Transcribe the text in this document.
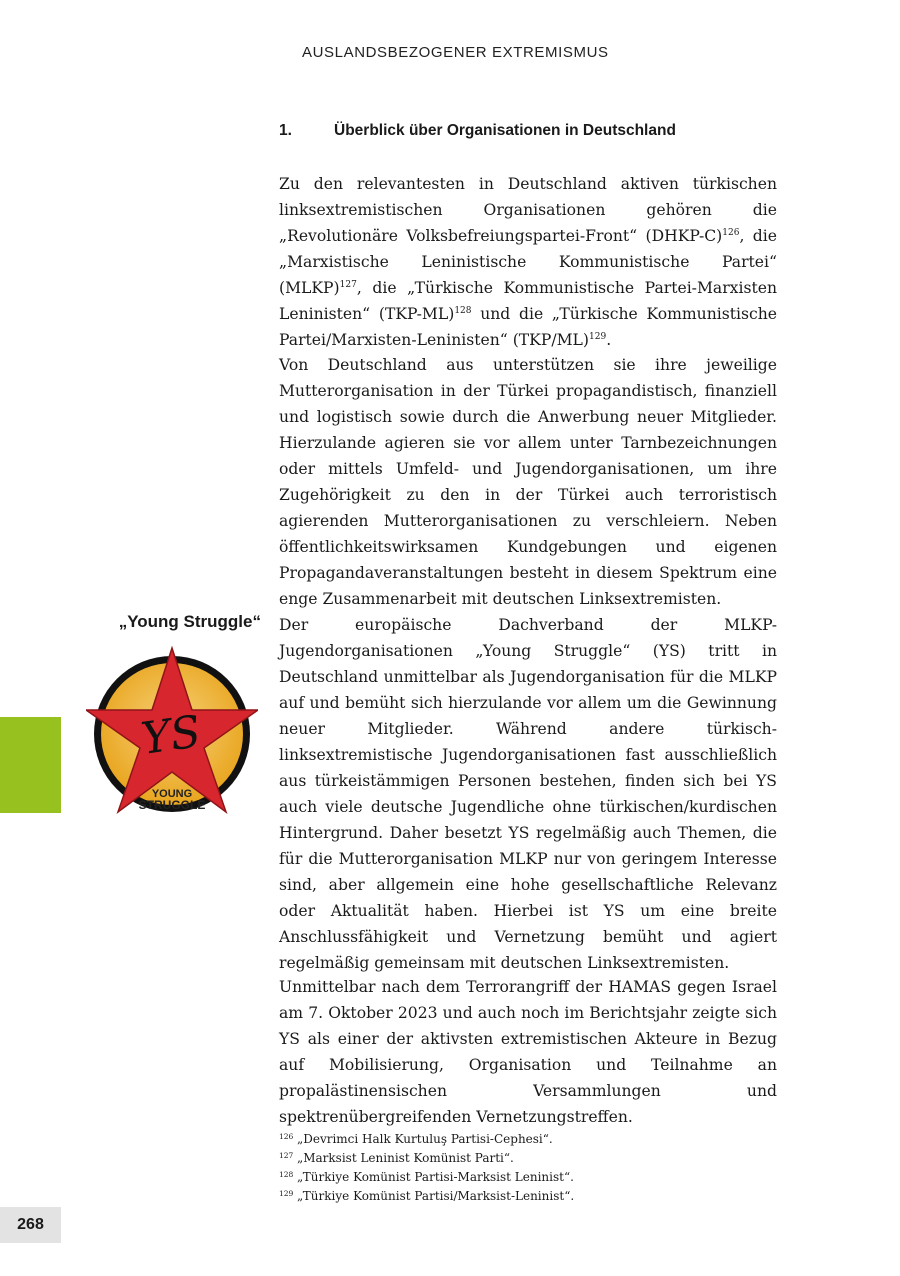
AUSLANDSBEZOGENER EXTREMISMUS
1.	Überblick über Organisationen in Deutschland

Zu den relevantesten in Deutschland aktiven türkischen linksextremistischen Organisationen gehören die „Revolutionäre Volksbefreiungspartei-Front“ (DHKP-C)$^{126}$, die „Marxistische Leninistische Kommunistische Partei“ (MLKP)$^{127}$, die „Türkische Kommunistische Partei-Marxisten Leninisten“ $(TKP-ML)^{128}$ und die „Türkische Kommunistische Partei/Marxisten-Leninisten“ $(TKP/ML)^{129}$.

Von Deutschland aus unterstützen sie ihre jeweilige Mutterorganisation in der Türkei propagandistisch, finanziell und logistisch sowie durch die Anwerbung neuer Mitglieder. Hierzulande agieren sie vor allem unter Tarnbezeichnungen oder mittels Umfeld- und Jugendorganisationen, um ihre Zugehörigkeit zu den in der Türkei auch terroristisch agierenden Mutterorganisationen zu verschleiern. Neben öffentlichkeitswirksamen Kundgebungen und eigenen Propagandaveranstaltungen besteht in diesem Spektrum eine enge Zusammenarbeit mit deutschen Linksextremisten.

„Young Struggle“
YS
YOUNG
STRUGGLE

Der europäische Dachverband der MLKP-Jugendorganisationen „Young Struggle“ (YS) tritt in Deutschland unmittelbar als Jugendorganisation für die MLKP auf und bemüht sich hierzulande vor allem um die Gewinnung neuer Mitglieder. Während andere türkisch-linksextremistische Jugendorganisationen fast ausschließlich aus türkeistämmigen Personen bestehen, finden sich bei YS auch viele deutsche Jugendliche ohne türkischen/kurdischen Hintergrund. Daher besetzt YS regelmäßig auch Themen, die für die Mutterorganisation MLKP nur von geringem Interesse sind, aber allgemein eine hohe gesellschaftliche Relevanz oder Aktualität haben. Hierbei ist YS um eine breite Anschlussfähigkeit und Vernetzung bemüht und agiert regelmäßig gemeinsam mit deutschen Linksextremisten.

Unmittelbar nach dem Terrorangriff der HAMAS gegen Israel am 7. Oktober 2023 und auch noch im Berichtsjahr zeigte sich YS als einer der aktivsten extremistischen Akteure in Bezug auf Mobilisierung, Organisation und Teilnahme an propalästinensischen Versammlungen und spektrenübergreifenden Vernetzungstreffen.

126 „Devrimci Halk Kurtuluş Partisi-Cephesi“.
127 „Marksist Leninist Komünist Parti“.
128 „Türkiye Komünist Partisi-Marksist Leninist“.
129 „Türkiye Komünist Partisi/Marksist-Leninist“.
268
